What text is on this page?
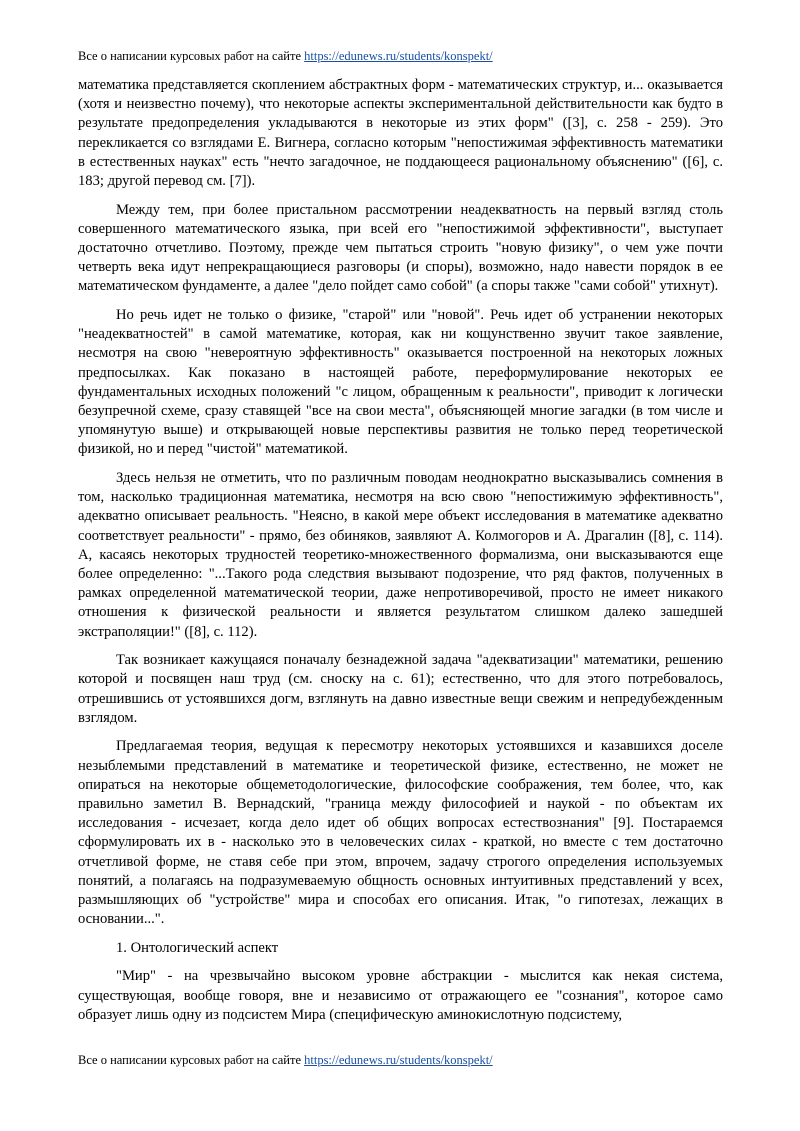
Все о написании курсовых работ на сайте https://edunews.ru/students/konspekt/

математика представляется скоплением абстрактных форм - математических структур, и... оказывается (хотя и неизвестно почему), что некоторые аспекты экспериментальной действительности как будто в результате предопределения укладываются в некоторые из этих форм" ([3], с. 258 - 259). Это перекликается со взглядами Е. Вигнера, согласно которым "непостижимая эффективность математики в естественных науках" есть "нечто загадочное, не поддающееся рациональному объяснению" ([6], с. 183; другой перевод см. [7]).

Между тем, при более пристальном рассмотрении неадекватность на первый взгляд столь совершенного математического языка, при всей его "непостижимой эффективности", выступает достаточно отчетливо. Поэтому, прежде чем пытаться строить "новую физику", о чем уже почти четверть века идут непрекращающиеся разговоры (и споры), возможно, надо навести порядок в ее математическом фундаменте, а далее "дело пойдет само собой" (а споры также "сами собой" утихнут).

Но речь идет не только о физике, "старой" или "новой". Речь идет об устранении некоторых "неадекватностей" в самой математике, которая, как ни кощунственно звучит такое заявление, несмотря на свою "невероятную эффективность" оказывается построенной на некоторых ложных предпосылках. Как показано в настоящей работе, переформулирование некоторых ее фундаментальных исходных положений "с лицом, обращенным к реальности", приводит к логически безупречной схеме, сразу ставящей "все на свои места", объясняющей многие загадки (в том числе и упомянутую выше) и открывающей новые перспективы развития не только перед теоретической физикой, но и перед "чистой" математикой.

Здесь нельзя не отметить, что по различным поводам неоднократно высказывались сомнения в том, насколько традиционная математика, несмотря на всю свою "непостижимую эффективность", адекватно описывает реальность. "Неясно, в какой мере объект исследования в математике адекватно соответствует реальности" - прямо, без обиняков, заявляют А. Колмогоров и А. Драгалин ([8], с. 114). А, касаясь некоторых трудностей теоретико-множественного формализма, они высказываются еще более определенно: "...Такого рода следствия вызывают подозрение, что ряд фактов, полученных в рамках определенной математической теории, даже непротиворечивой, просто не имеет никакого отношения к физической реальности и является результатом слишком далеко зашедшей экстраполяции!" ([8], с. 112).

Так возникает кажущаяся поначалу безнадежной задача "адекватизации" математики, решению которой и посвящен наш труд (см. сноску на с. 61); естественно, что для этого потребовалось, отрешившись от устоявшихся догм, взглянуть на давно известные вещи свежим и непредубежденным взглядом.

Предлагаемая теория, ведущая к пересмотру некоторых устоявшихся и казавшихся доселе незыблемыми представлений в математике и теоретической физике, естественно, не может не опираться на некоторые общеметодологические, философские соображения, тем более, что, как правильно заметил В. Вернадский, "граница между философией и наукой - по объектам их исследования - исчезает, когда дело идет об общих вопросах естествознания" [9]. Постараемся сформулировать их в - насколько это в человеческих силах - краткой, но вместе с тем достаточно отчетливой форме, не ставя себе при этом, впрочем, задачу строгого определения используемых понятий, а полагаясь на подразумеваемую общность основных интуитивных представлений у всех, размышляющих об "устройстве" мира и способах его описания. Итак, "о гипотезах, лежащих в основании...".

1. Онтологический аспект

"Мир" - на чрезвычайно высоком уровне абстракции - мыслится как некая система, существующая, вообще говоря, вне и независимо от отражающего ее "сознания", которое само образует лишь одну из подсистем Мира (специфическую аминокислотную подсистему,

Все о написании курсовых работ на сайте https://edunews.ru/students/konspekt/
